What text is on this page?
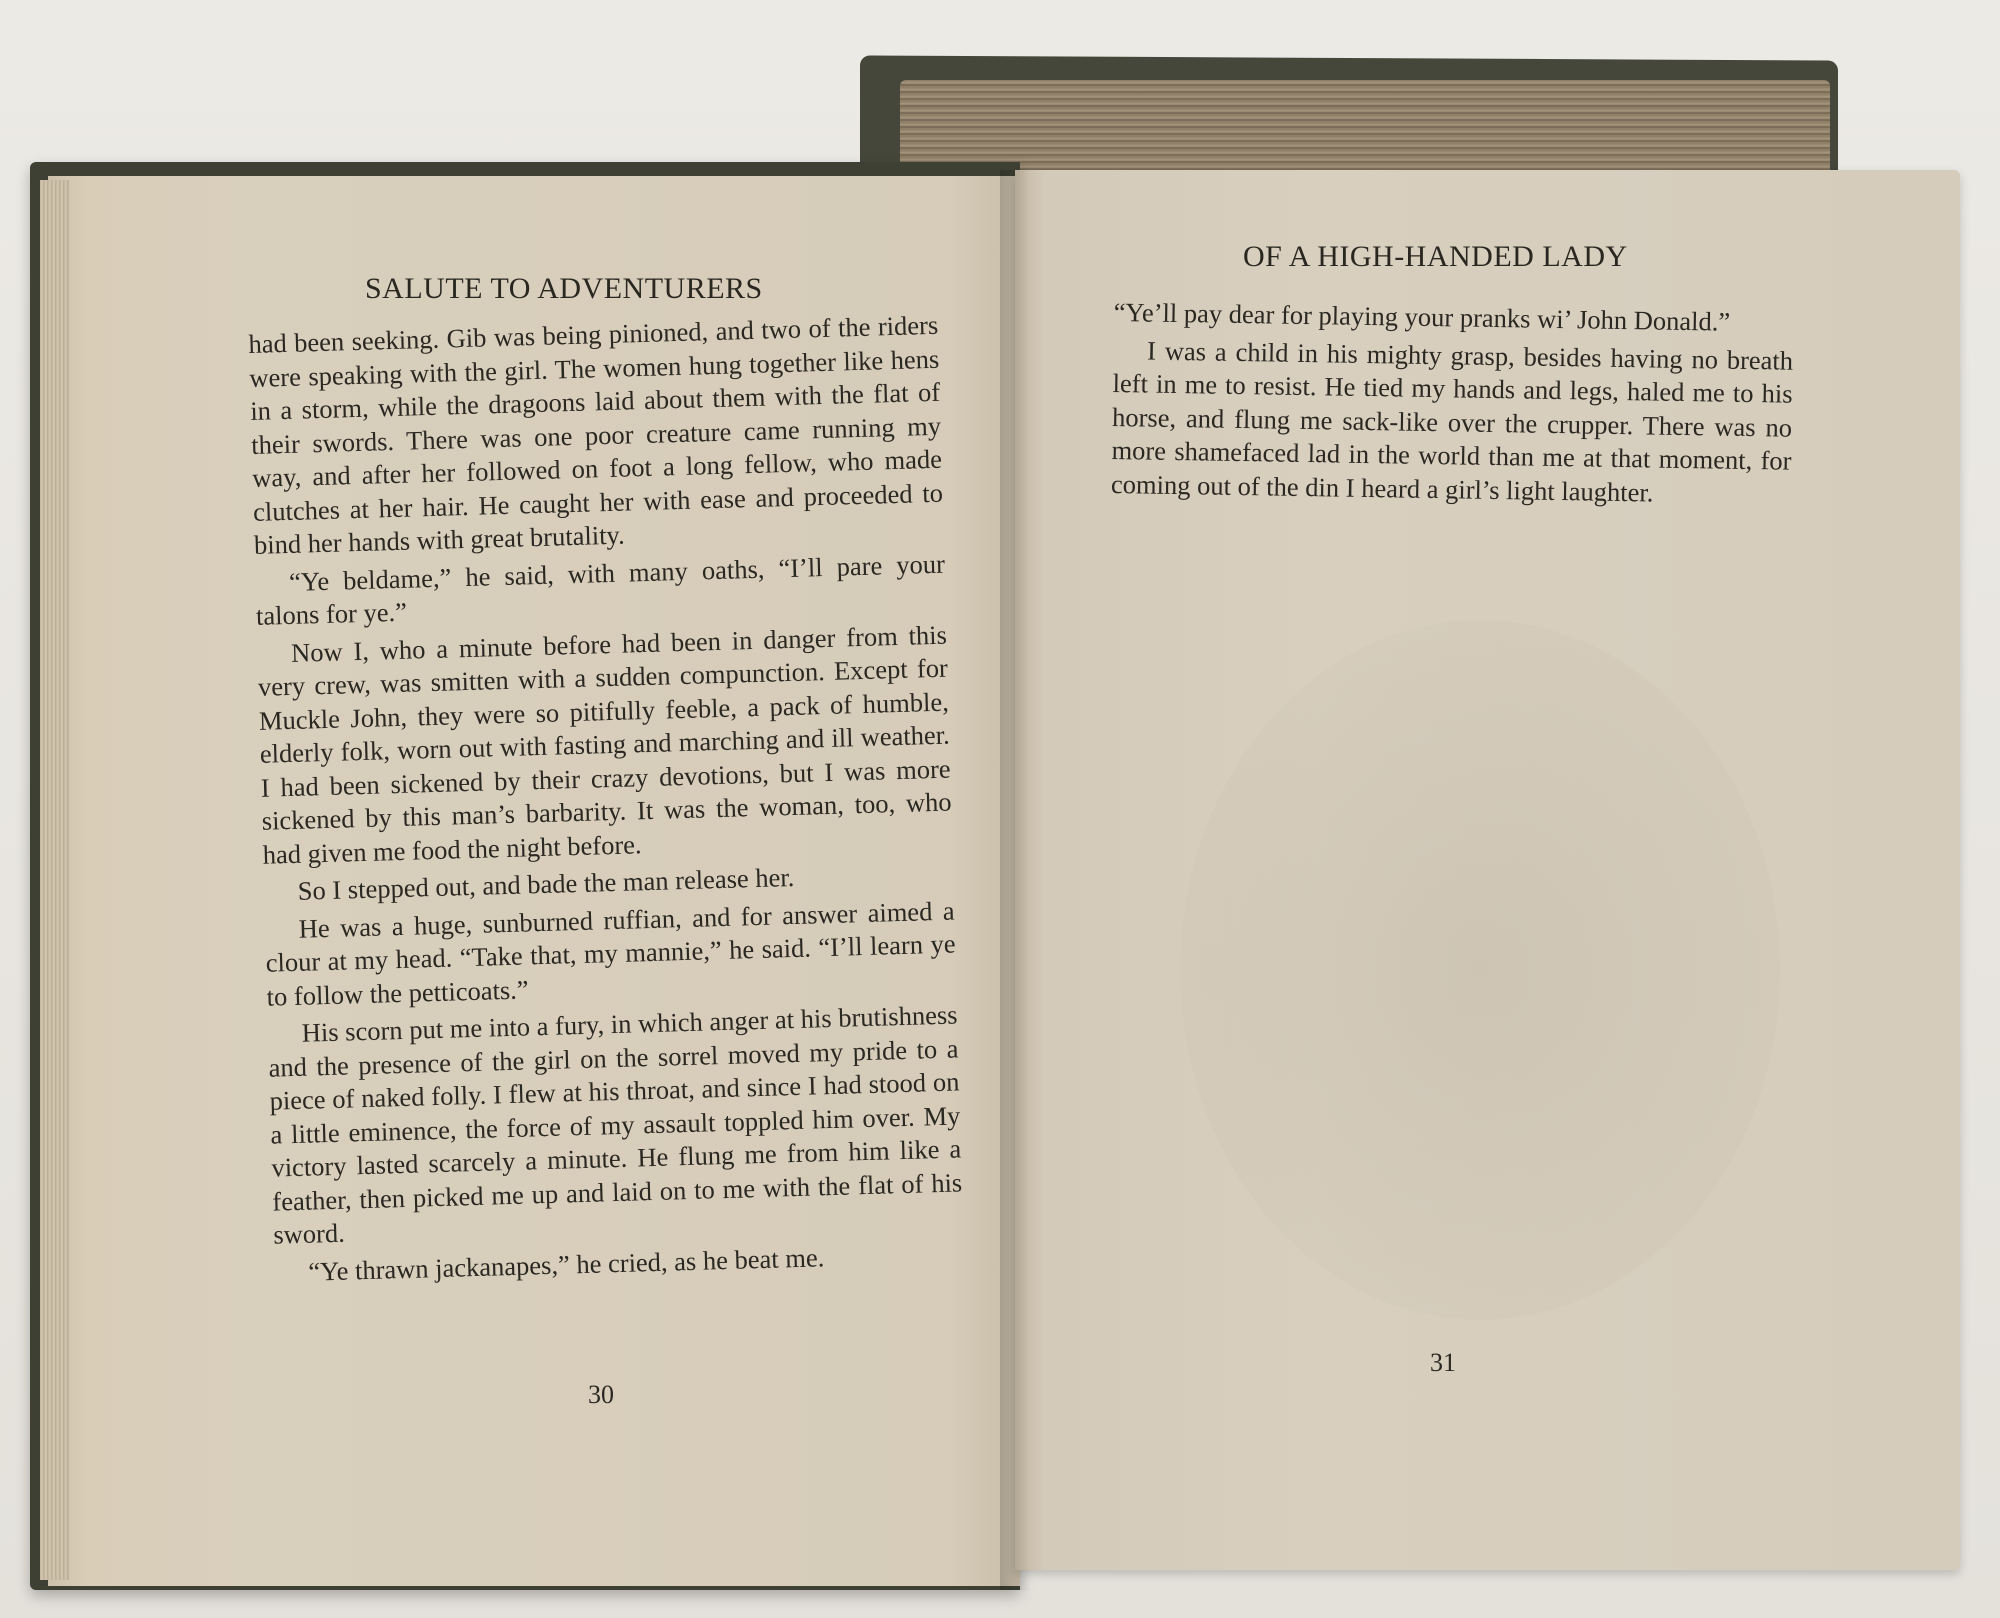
SALUTE TO ADVENTURERS
OF A HIGH-HANDED LADY

had been seeking. Gib was being pinioned, and two of the riders were speaking with the girl. The women hung together like hens in a storm, while the dragoons laid about them with the flat of their swords. There was one poor creature came running my way, and after her followed on foot a long fellow, who made clutches at her hair. He caught her with ease and proceeded to bind her hands with great brutality.

“Ye beldame,” he said, with many oaths, “I’ll pare your talons for ye.”

Now I, who a minute before had been in danger from this very crew, was smitten with a sudden compunction. Except for Muckle John, they were so pitifully feeble, a pack of humble, elderly folk, worn out with fasting and marching and ill weather. I had been sickened by their crazy devotions, but I was more sickened by this man’s barbarity. It was the woman, too, who had given me food the night before.

So I stepped out, and bade the man release her.

He was a huge, sunburned ruffian, and for answer aimed a clour at my head. “Take that, my mannie,” he said. “I’ll learn ye to follow the petticoats.”

His scorn put me into a fury, in which anger at his brutishness and the presence of the girl on the sorrel moved my pride to a piece of naked folly. I flew at his throat, and since I had stood on a little eminence, the force of my assault toppled him over. My victory lasted scarcely a minute. He flung me from him like a feather, then picked me up and laid on to me with the flat of his sword.

“Ye thrawn jackanapes,” he cried, as he beat me.

“Ye’ll pay dear for playing your pranks wi’ John Donald.”

I was a child in his mighty grasp, besides having no breath left in me to resist. He tied my hands and legs, haled me to his horse, and flung me sack-like over the crupper. There was no more shamefaced lad in the world than me at that moment, for coming out of the din I heard a girl’s light laughter.

30
31
